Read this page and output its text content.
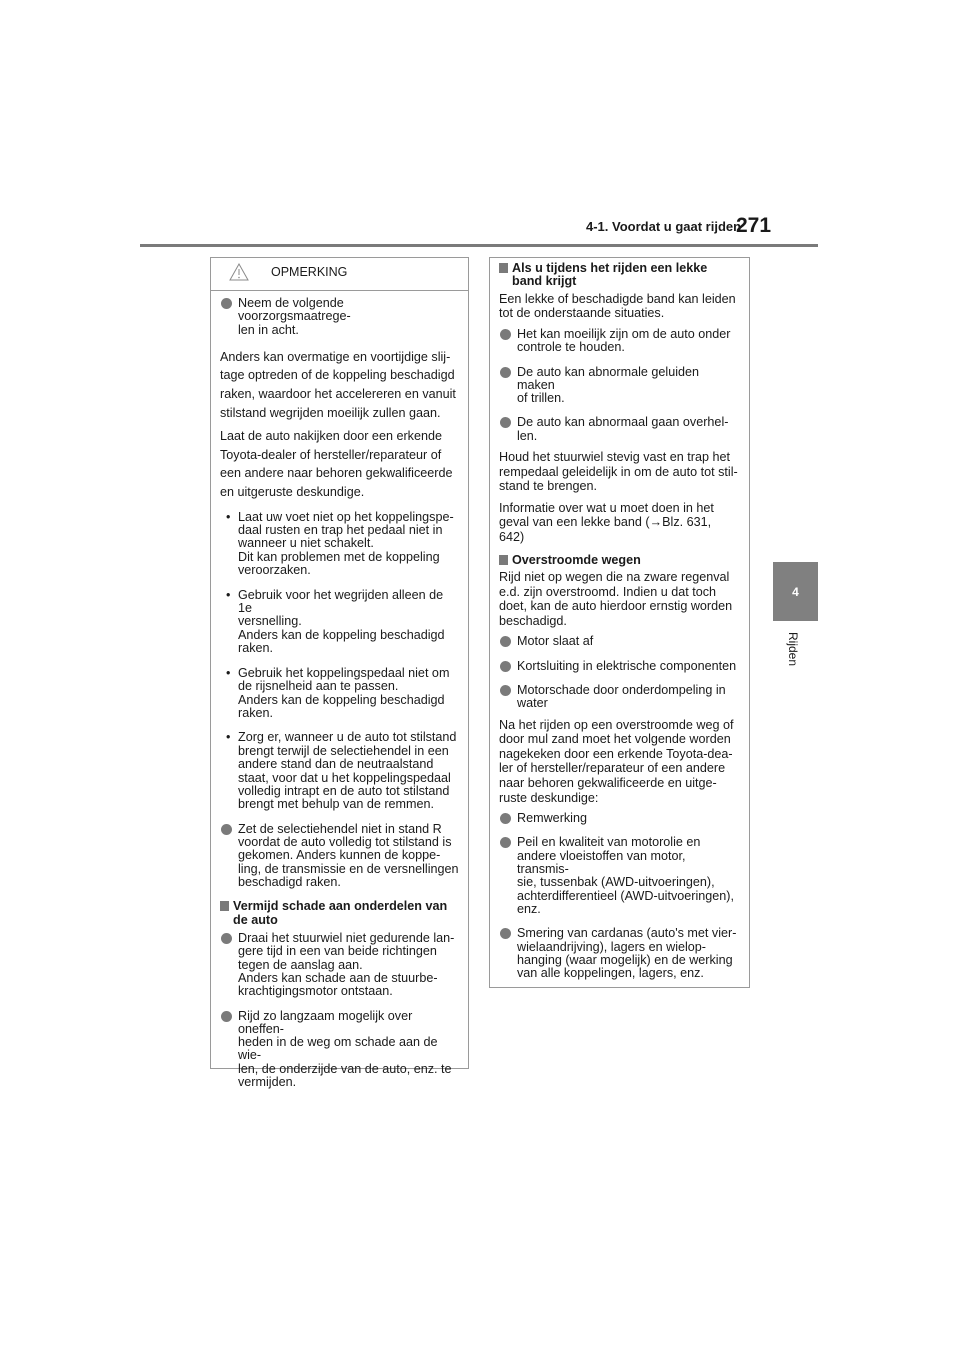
4-1. Voordat u gaat rijden
271
4
Rijden
OPMERKING
Neem de volgende voorzorgsmaatrege-
len in acht.
Anders kan overmatige en voortijdige slij-
tage optreden of de koppeling beschadigd
raken, waardoor het accelereren en vanuit
stilstand wegrijden moeilijk zullen gaan.
Laat de auto nakijken door een erkende
Toyota-dealer of hersteller/reparateur of
een andere naar behoren gekwalificeerde
en uitgeruste deskundige.
• Laat uw voet niet op het koppelingspe-
daal rusten en trap het pedaal niet in
wanneer u niet schakelt.
Dit kan problemen met de koppeling
veroorzaken.
• Gebruik voor het wegrijden alleen de 1e
versnelling.
Anders kan de koppeling beschadigd
raken.
• Gebruik het koppelingspedaal niet om
de rijsnelheid aan te passen.
Anders kan de koppeling beschadigd
raken.
• Zorg er, wanneer u de auto tot stilstand
brengt terwijl de selectiehendel in een
andere stand dan de neutraalstand
staat, voor dat u het koppelingspedaal
volledig intrapt en de auto tot stilstand
brengt met behulp van de remmen.
Zet de selectiehendel niet in stand R
voordat de auto volledig tot stilstand is
gekomen. Anders kunnen de koppe-
ling, de transmissie en de versnellingen
beschadigd raken.
Vermijd schade aan onderdelen van
de auto
Draai het stuurwiel niet gedurende lan-
gere tijd in een van beide richtingen
tegen de aanslag aan.
Anders kan schade aan de stuurbe-
krachtigingsmotor ontstaan.
Rijd zo langzaam mogelijk over oneffen-
heden in de weg om schade aan de wie-
len, de onderzijde van de auto, enz. te
vermijden.
Als u tijdens het rijden een lekke
band krijgt
Een lekke of beschadigde band kan leiden
tot de onderstaande situaties.
Het kan moeilijk zijn om de auto onder
controle te houden.
De auto kan abnormale geluiden maken
of trillen.
De auto kan abnormaal gaan overhel-
len.
Houd het stuurwiel stevig vast en trap het
rempedaal geleidelijk in om de auto tot stil-
stand te brengen.
Informatie over wat u moet doen in het
geval van een lekke band (→Blz. 631,
642)
Overstroomde wegen
Rijd niet op wegen die na zware regenval
e.d. zijn overstroomd. Indien u dat toch
doet, kan de auto hierdoor ernstig worden
beschadigd.
Motor slaat af
Kortsluiting in elektrische componenten
Motorschade door onderdompeling in
water
Na het rijden op een overstroomde weg of
door mul zand moet het volgende worden
nagekeken door een erkende Toyota-dea-
ler of hersteller/reparateur of een andere
naar behoren gekwalificeerde en uitge-
ruste deskundige:
Remwerking
Peil en kwaliteit van motorolie en
andere vloeistoffen van motor, transmis-
sie, tussenbak (AWD-uitvoeringen),
achterdifferentieel (AWD-uitvoeringen),
enz.
Smering van cardanas (auto's met vier-
wielaandrijving), lagers en wielop-
hanging (waar mogelijk) en de werking
van alle koppelingen, lagers, enz.
